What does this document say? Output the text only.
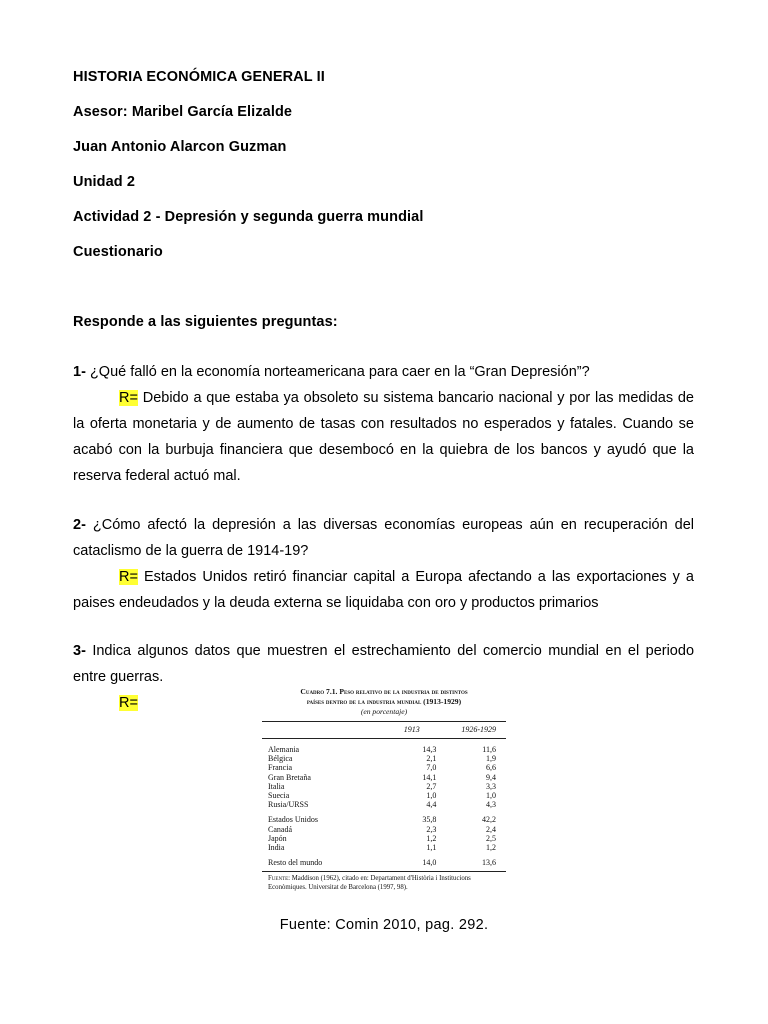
HISTORIA ECONÓMICA GENERAL II

Asesor: Maribel García Elizalde

Juan Antonio Alarcon Guzman

Unidad 2

Actividad 2 - Depresión y segunda guerra mundial

Cuestionario

Responde a las siguientes preguntas:

1- ¿Qué falló en la economía norteamericana para caer en la “Gran Depresión”?
R= Debido a que estaba ya obsoleto su sistema bancario nacional y por las medidas de la oferta monetaria y de aumento de tasas con resultados no esperados y fatales. Cuando se acabó con la burbuja financiera que desembocó en la quiebra de los bancos y ayudó que la reserva federal actuó mal.
2- ¿Cómo afectó la depresión a las diversas economías europeas aún en recuperación del cataclismo de la guerra de 1914-19?
R= Estados Unidos retiró financiar capital a Europa afectando a las exportaciones y a paises endeudados y la deuda externa se liquidaba con oro y productos primarios
3- Indica algunos datos que muestren el estrechamiento del comercio mundial en el periodo entre guerras.
R=

Cuadro 7.1. Peso relativo de la industria de distintos

países dentro de la industria mundial (1913-1929)

(en porcentaje)

	1913	1926-1929
Alemania	14,3	11,6
Bélgica	2,1	1,9
Francia	7,0	6,6
Gran Bretaña	14,1	9,4
Italia	2,7	3,3
Suecia	1,0	1,0
Rusia/URSS	4,4	4,3

Estados Unidos	35,8	42,2
Canadá	2,3	2,4
Japón	1,2	2,5
India	1,1	1,2

Resto del mundo	14,0	13,6

Fuente: Maddison (1962), citado en: Departament d'Història i Institucions Econòmiques. Universitat de Barcelona (1997, 98).

Fuente: Comin 2010, pag. 292.
